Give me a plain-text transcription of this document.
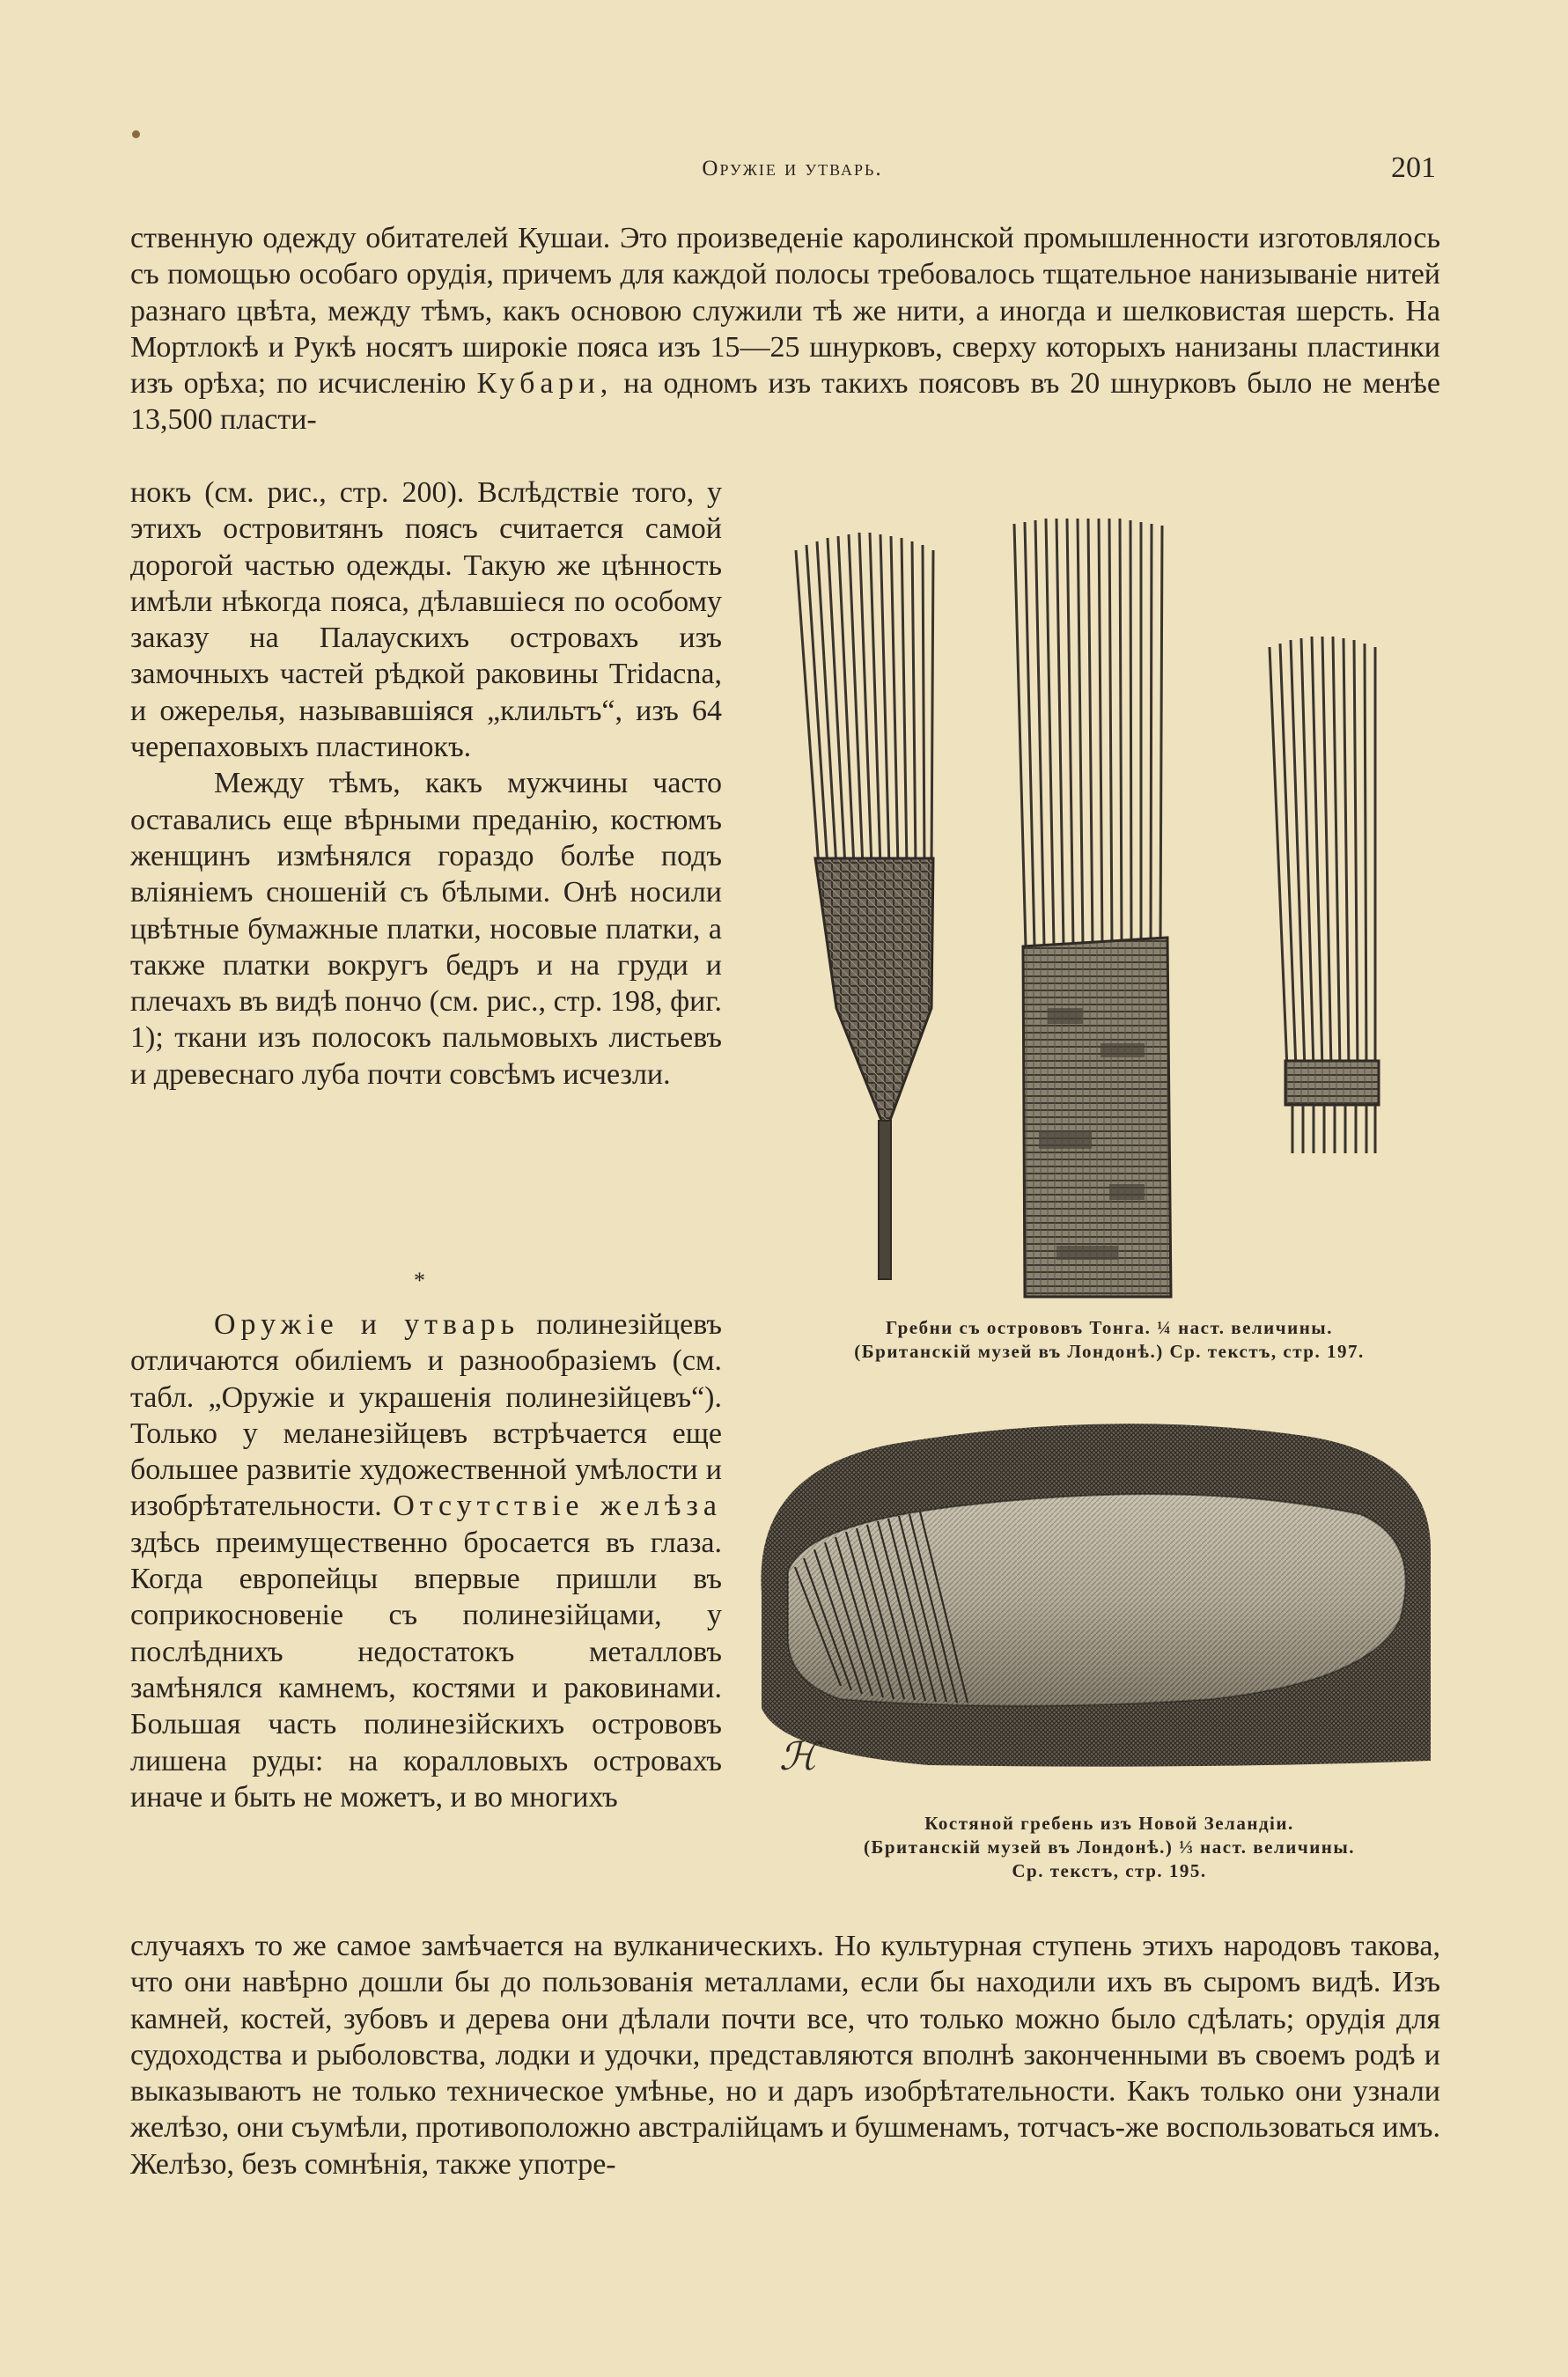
Оружіе и утварь.	201

ственную одежду обитателей Кушаи. Это произведеніе каролинской промышленности изготовлялось съ помощью особаго орудія, причемъ для каждой полосы требовалось тщательное нанизываніе нитей разнаго цвѣта, между тѣмъ, какъ основою служили тѣ же нити, а иногда и шелковистая шерсть. На Мортлокѣ и Рукѣ носятъ широкіе пояса изъ 15—25 шнурковъ, сверху которыхъ нанизаны пластинки изъ орѣха; по исчисленію Кубари, на одномъ изъ такихъ поясовъ въ 20 шнурковъ было не менѣе 13,500 пласти-

нокъ (см. рис., стр. 200). Вслѣдствіе того, у этихъ островитянъ поясъ считается самой дорогой частью одежды. Такую же цѣнность имѣли нѣкогда пояса, дѣлавшіеся по особому заказу на Палаускихъ островахъ изъ замочныхъ частей рѣдкой раковины Tridacna, и ожерелья, называвшіяся „клильтъ“, изъ 64 черепаховыхъ пластинокъ.

Между тѣмъ, какъ мужчины часто оставались еще вѣрными преданію, костюмъ женщинъ измѣнялся гораздо болѣе подъ вліяніемъ сношеній съ бѣлыми. Онѣ носили цвѣтные бумажные платки, носовые платки, а также платки вокругъ бедръ и на груди и плечахъ въ видѣ пончо (см. рис., стр. 198, фиг. 1); ткани изъ полосокъ пальмовыхъ листьевъ и древеснаго луба почти совсѣмъ исчезли.

*

Оружіе и утварь полинезійцевъ отличаются обиліемъ и разнообразіемъ (см. табл. „Оружіе и украшенія полинезійцевъ“). Только у меланезійцевъ встрѣчается еще большее развитіе художественной умѣлости и изобрѣтательности. Отсутствіе желѣза здѣсь преимущественно бросается въ глаза. Когда европейцы впервые пришли въ соприкосновеніе съ полинезійцами, у послѣднихъ недостатокъ металловъ замѣнялся камнемъ, костями и раковинами. Большая часть полинезійскихъ острововъ лишена руды: на коралловыхъ островахъ иначе и быть не можетъ, и во многихъ

случаяхъ то же самое замѣчается на вулканическихъ. Но культурная ступень этихъ народовъ такова, что они навѣрно дошли бы до пользованія металлами, если бы находили ихъ въ сыромъ видѣ. Изъ камней, костей, зубовъ и дерева они дѣлали почти все, что только можно было сдѣлать; орудія для судоходства и рыболовства, лодки и удочки, представляются вполнѣ законченными въ своемъ родѣ и выказываютъ не только техническое умѣнье, но и даръ изобрѣтательности. Какъ только они узнали желѣзо, они съумѣли, противоположно австралійцамъ и бушменамъ, тотчасъ-же воспользоваться имъ. Желѣзо, безъ сомнѣнія, также употре-

Гребни съ острововъ Тонга. ¼ наст. величины.
(Британскій музей въ Лондонѣ.) Ср. текстъ, стр. 197.
ℋ
Костяной гребень изъ Новой Зеландіи.
(Британскій музей въ Лондонѣ.) ⅓ наст. величины.
Ср. текстъ, стр. 195.
